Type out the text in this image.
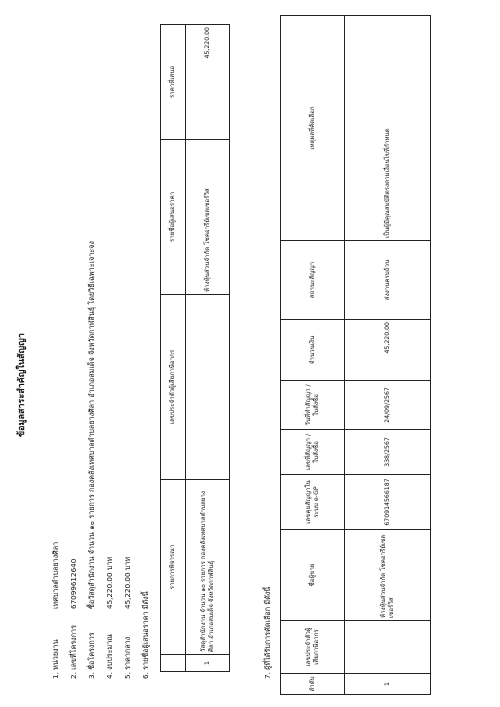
ข้อมูลสาระสำคัญในสัญญา
1. หน่วยงาน
เทศบาลตำบลยางศิลา
2. เลขที่โครงการ
67099612640
3. ชื่อโครงการ
ซื้อวัสดุสำนักงาน จำนวน ๑๐ รายการ กองคลังเทศบาลตำบลยางศิลา อำเภอสมเด็จ จังหวัดกาฬสินธุ์ โดยวิธีเฉพาะเจาะจง
4. งบประมาณ
45,220.00 บาท
5. ราคากลาง
45,220.00 บาท
6. รายชื่อผู้เสนอราคา มีดังนี้
	รายการพิจารณา	เลขประจำตัวผู้เสียภาษีอากร	รายชื่อผู้เสนอราคา	ราคาที่เสนอ
1	วัสดุสำนักงาน จำนวน ๑๐ รายการ กองคลังเทศบาลตำบลยางศิลา อำเภอสมเด็จ จังหวัดกาฬสินธุ์		ห้างหุ้นส่วนจำกัด โชคอารีย์เซลเซอร์วิส	45,220.00
7. ผู้ที่ได้รับการคัดเลือก มีดังนี้
ลำดับ	เลขประจำตัวผู้เสียภาษีอากร	ชื่อผู้ขาย	เลขคุมสัญญาในระบบ e-GP	เลขที่สัญญา / ใบสั่งซื้อ	วันที่ทำสัญญา / ใบสั่งซื้อ	จำนวนเงิน	สถานะสัญญา	เหตุผลที่คัดเลือก
1		ห้างหุ้นส่วนจำกัด โชคอารีย์เซลเซอร์วิส	670914566187	338/2567	24/09/2567	45,220.00	ส่งงานครบถ้วน	เป็นผู้มีคุณสมบัติตรงตามเงื่อนไขที่กำหนด
